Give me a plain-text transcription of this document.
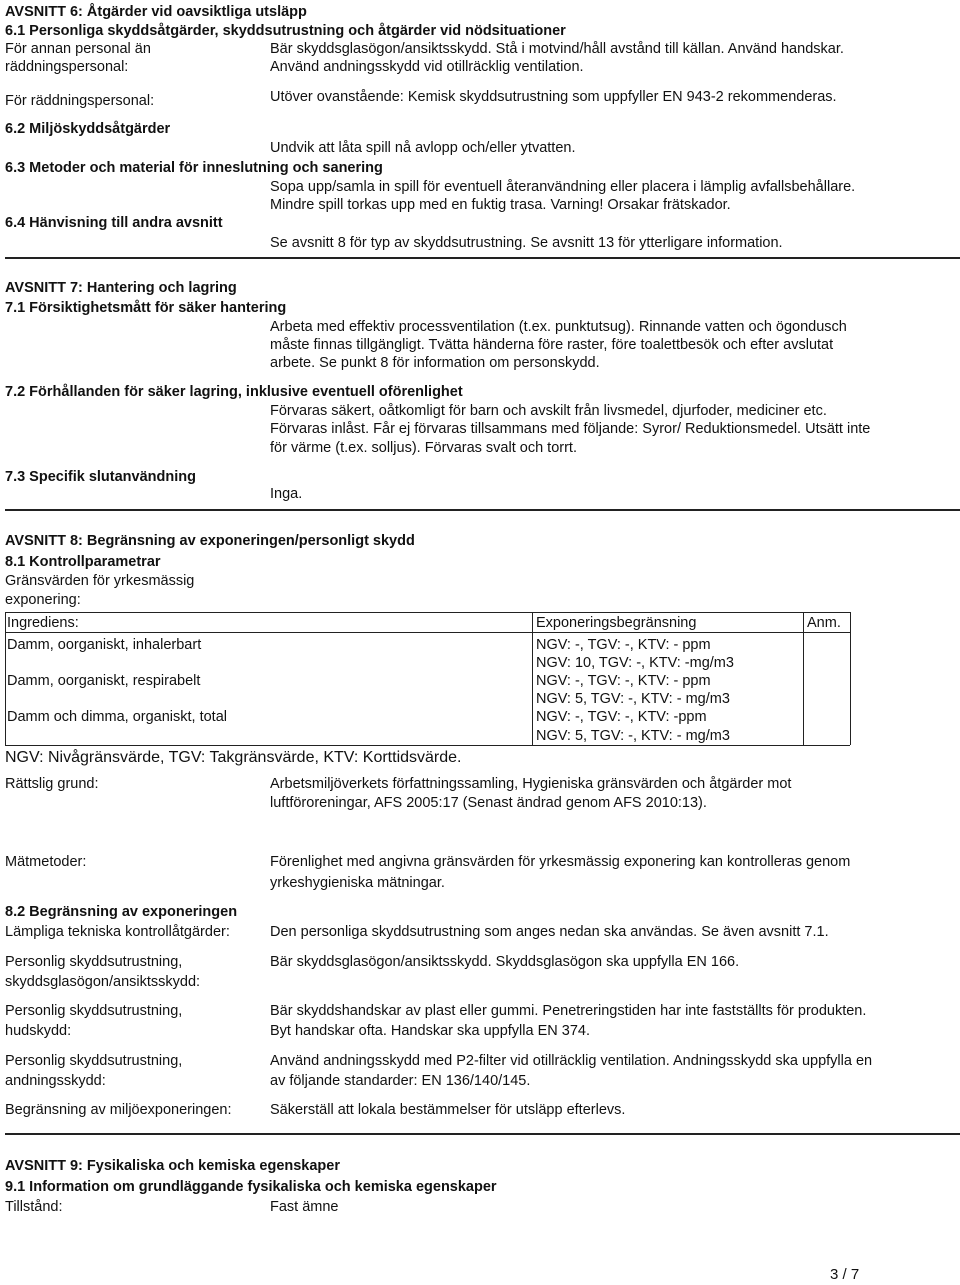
AVSNITT 6: Åtgärder vid oavsiktliga utsläpp
6.1 Personliga skyddsåtgärder, skyddsutrustning och åtgärder vid nödsituationer
För annan personal än
räddningspersonal:
Bär skyddsglasögon/ansiktsskydd. Stå i motvind/håll avstånd till källan. Använd handskar.
Använd andningsskydd vid otillräcklig ventilation.
För räddningspersonal:	Utöver ovanstående: Kemisk skyddsutrustning som uppfyller EN 943-2 rekommenderas.
6.2 Miljöskyddsåtgärder
Undvik att låta spill nå avlopp och/eller ytvatten.
6.3 Metoder och material för inneslutning och sanering
Sopa upp/samla in spill för eventuell återanvändning eller placera i lämplig avfallsbehållare.
Mindre spill torkas upp med en fuktig trasa. Varning! Orsakar frätskador.
6.4 Hänvisning till andra avsnitt
Se avsnitt 8 för typ av skyddsutrustning. Se avsnitt 13 för ytterligare information.
AVSNITT 7: Hantering och lagring
7.1 Försiktighetsmått för säker hantering
Arbeta med effektiv processventilation (t.ex. punktutsug). Rinnande vatten och ögondusch
måste finnas tillgängligt. Tvätta händerna före raster, före toalettbesök och efter avslutat
arbete. Se punkt 8 för information om personskydd.
7.2 Förhållanden för säker lagring, inklusive eventuell oförenlighet
Förvaras säkert, oåtkomligt för barn och avskilt från livsmedel, djurfoder, mediciner etc.
Förvaras inlåst. Får ej förvaras tillsammans med följande: Syror/ Reduktionsmedel. Utsätt inte
för värme (t.ex. solljus). Förvaras svalt och torrt.
7.3 Specifik slutanvändning
Inga.
AVSNITT 8: Begränsning av exponeringen/personligt skydd
8.1 Kontrollparametrar
Gränsvärden för yrkesmässig
exponering:
Ingrediens:	Exponeringsbegränsning	Anm.
Damm, oorganiskt, inhalerbart	NGV: -, TGV: -, KTV: - ppm
NGV: 10, TGV: -, KTV: -mg/m3
Damm, oorganiskt, respirabelt	NGV: -, TGV: -, KTV: - ppm
NGV: 5, TGV: -, KTV: - mg/m3
Damm och dimma, organiskt, total	NGV: -, TGV: -, KTV: -ppm
NGV: 5, TGV: -, KTV: - mg/m3
NGV: Nivågränsvärde, TGV: Takgränsvärde, KTV: Korttidsvärde.
Rättslig grund:	Arbetsmiljöverkets författningssamling, Hygieniska gränsvärden och åtgärder mot
luftföroreningar, AFS 2005:17 (Senast ändrad genom AFS 2010:13).
Mätmetoder:	Förenlighet med angivna gränsvärden för yrkesmässig exponering kan kontrolleras genom
yrkeshygieniska mätningar.
8.2 Begränsning av exponeringen
Lämpliga tekniska kontrollåtgärder:	Den personliga skyddsutrustning som anges nedan ska användas. Se även avsnitt 7.1.
Personlig skyddsutrustning,
skyddsglasögon/ansiktsskydd:
Bär skyddsglasögon/ansiktsskydd. Skyddsglasögon ska uppfylla EN 166.
Personlig skyddsutrustning,
hudskydd:
Bär skyddshandskar av plast eller gummi. Penetreringstiden har inte fastställts för produkten.
Byt handskar ofta. Handskar ska uppfylla EN 374.
Personlig skyddsutrustning,
andningsskydd:
Använd andningsskydd med P2-filter vid otillräcklig ventilation. Andningsskydd ska uppfylla en
av följande standarder: EN 136/140/145.
Begränsning av miljöexponeringen:	Säkerställ att lokala bestämmelser för utsläpp efterlevs.
AVSNITT 9: Fysikaliska och kemiska egenskaper
9.1 Information om grundläggande fysikaliska och kemiska egenskaper
Tillstånd:	Fast ämne
3 / 7
